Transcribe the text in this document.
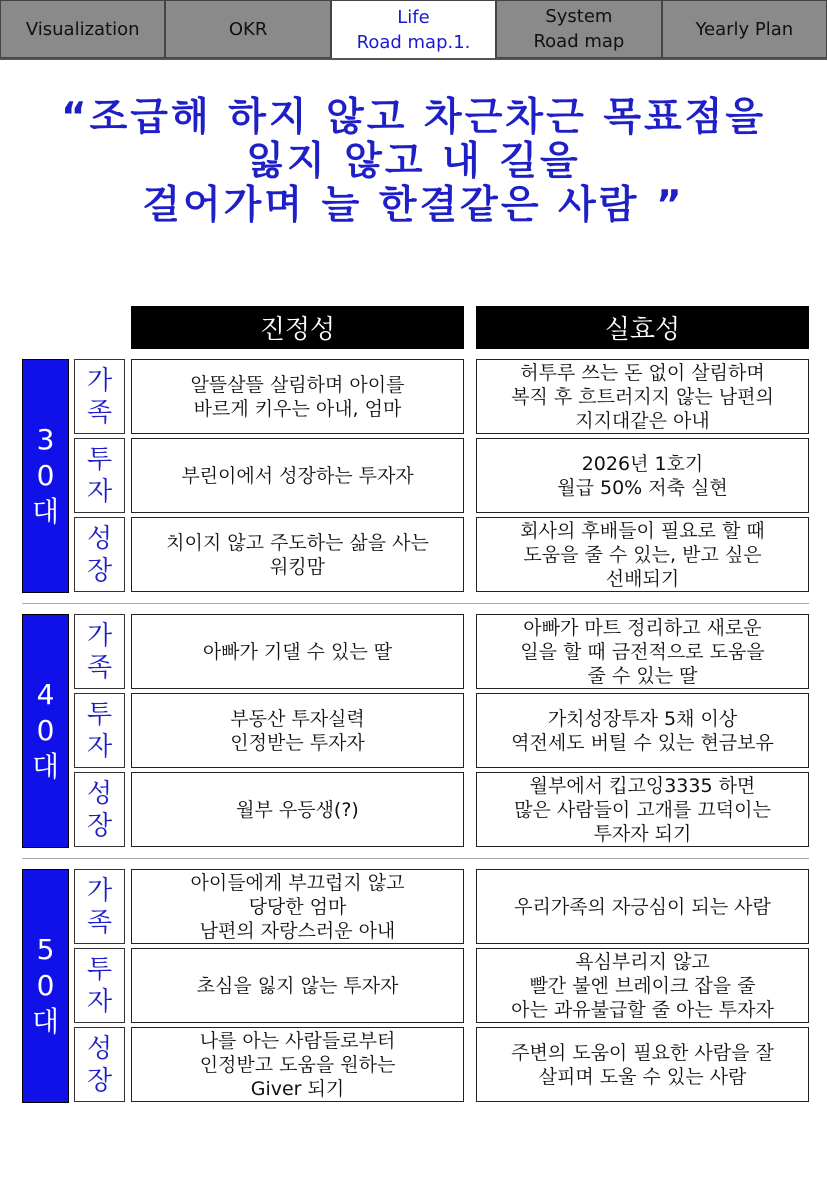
Visualization	OKR
Life
Road map.1.
System
Road map
Yearly Plan
“조급해 하지 않고 차근차근 목표점을
잃지 않고 내 길을
걸어가며 늘 한결같은 사람 ”
진정성	실효성
3
0
대
가
족
알뜰살뜰 살림하며 아이를
바르게 키우는 아내, 엄마
허투루 쓰는 돈 없이 살림하며
복직 후 흐트러지지 않는 남편의
지지대같은 아내
투
자
부린이에서 성장하는 투자자
2026년 1호기
월급 50% 저축 실현
성
장
치이지 않고 주도하는 삶을 사는
워킹맘
회사의 후배들이 필요로 할 때
도움을 줄 수 있는, 받고 싶은
선배되기
4
0
대
가
족
아빠가 기댈 수 있는 딸
아빠가 마트 정리하고 새로운
일을 할 때 금전적으로 도움을
줄 수 있는 딸
투
자
부동산 투자실력
인정받는 투자자
가치성장투자 5채 이상
역전세도 버틸 수 있는 현금보유
성
장
월부 우등생(?)
월부에서 킵고잉3335 하면
많은 사람들이 고개를 끄덕이는
투자자 되기
5
0
대
가
족
아이들에게 부끄럽지 않고
당당한 엄마
남편의 자랑스러운 아내
우리가족의 자긍심이 되는 사람
투
자
초심을 잃지 않는 투자자
욕심부리지 않고
빨간 불엔 브레이크 잡을 줄
아는 과유불급할 줄 아는 투자자
성
장
나를 아는 사람들로부터
인정받고 도움을 원하는
Giver 되기
주변의 도움이 필요한 사람을 잘
살피며 도울 수 있는 사람
